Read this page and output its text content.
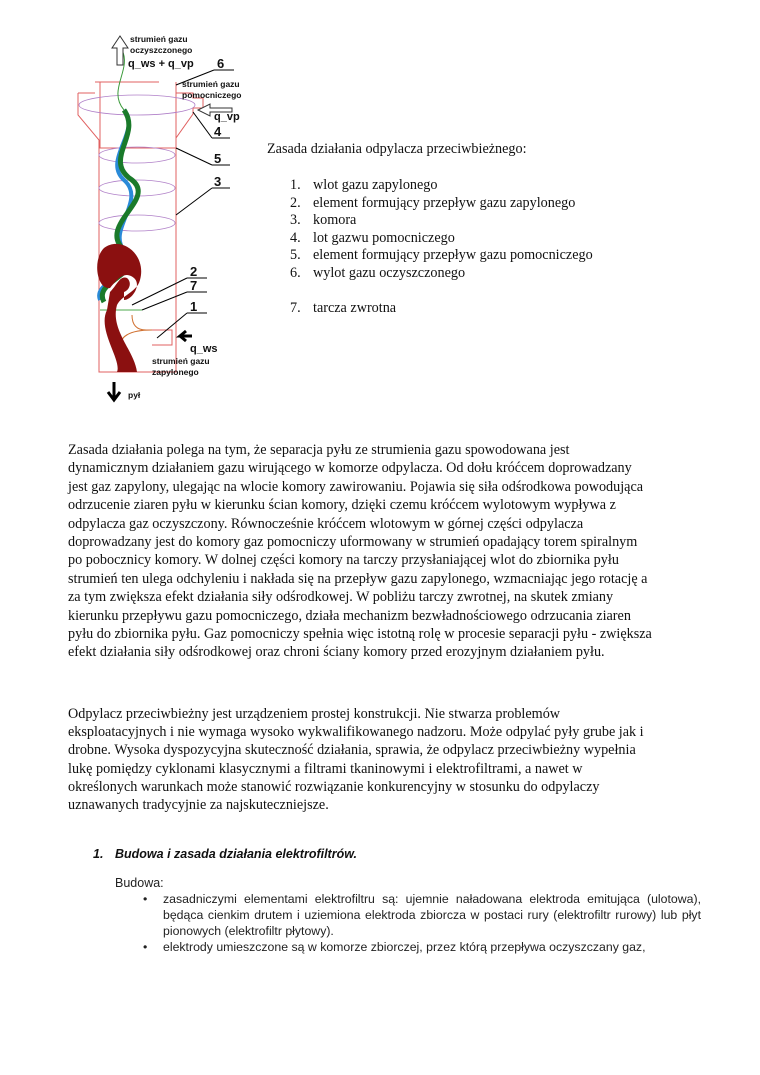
strumień gazu
oczyszczonego
q_ws + q_vp
strumień gazu
pomocniczego
q_vp
q_ws
strumień gazu
zapylonego
pył
6
4
5
3
2
7
1
Zasada działania odpylacza przeciwbieżnego:
1. wlot gazu zapylonego
2. element formujący przepływ gazu zapylonego
3. komora
4. lot gazwu pomocniczego
5. element formujący przepływ gazu pomocniczego
6. wylot gazu oczyszczonego
7. tarcza zwrotna
Zasada działania polega na tym, że separacja pyłu ze strumienia gazu spowodowana jest
dynamicznym działaniem gazu wirującego w komorze odpylacza. Od dołu króćcem doprowadzany
jest gaz zapylony, ulegając na wlocie komory zawirowaniu. Pojawia się siła odśrodkowa powodująca
odrzucenie ziaren pyłu w kierunku ścian komory, dzięki czemu króćcem wylotowym wypływa z
odpylacza gaz oczyszczony. Równocześnie króćcem wlotowym w górnej części odpylacza
doprowadzany jest do komory gaz pomocniczy uformowany w strumień opadający torem spiralnym
po pobocznicy komory. W dolnej części komory na tarczy przysłaniającej wlot do zbiornika pyłu
strumień ten ulega odchyleniu i nakłada się na przepływ gazu zapylonego, wzmacniając jego rotację a
za tym zwiększa efekt działania siły odśrodkowej. W pobliżu tarczy zwrotnej, na skutek zmiany
kierunku przepływu gazu pomocniczego, działa mechanizm bezwładnościowego odrzucania ziaren
pyłu do zbiornika pyłu. Gaz pomocniczy spełnia więc istotną rolę w procesie separacji pyłu - zwiększa
efekt działania siły odśrodkowej oraz chroni ściany komory przed erozyjnym działaniem pyłu.
Odpylacz przeciwbieżny jest urządzeniem prostej konstrukcji. Nie stwarza problemów
eksploatacyjnych i nie wymaga wysoko wykwalifikowanego nadzoru. Może odpylać pyły grube jak i
drobne. Wysoka dyspozycyjna skuteczność działania, sprawia, że odpylacz przeciwbieżny wypełnia
lukę pomiędzy cyklonami klasycznymi a filtrami tkaninowymi i elektrofiltrami, a nawet w
określonych warunkach może stanowić rozwiązanie konkurencyjny w stosunku do odpylaczy
uznawanych tradycyjnie za najskuteczniejsze.
1. Budowa i zasada działania elektrofiltrów.
Budowa:
• zasadniczymi elementami elektrofiltru są: ujemnie naładowana elektroda emitująca (ulotowa), będąca cienkim drutem i uziemiona elektroda zbiorcza w postaci rury (elektrofiltr rurowy) lub płyt pionowych (elektrofiltr płytowy).
• elektrody umieszczone są w komorze zbiorczej, przez którą przepływa oczyszczany gaz,
